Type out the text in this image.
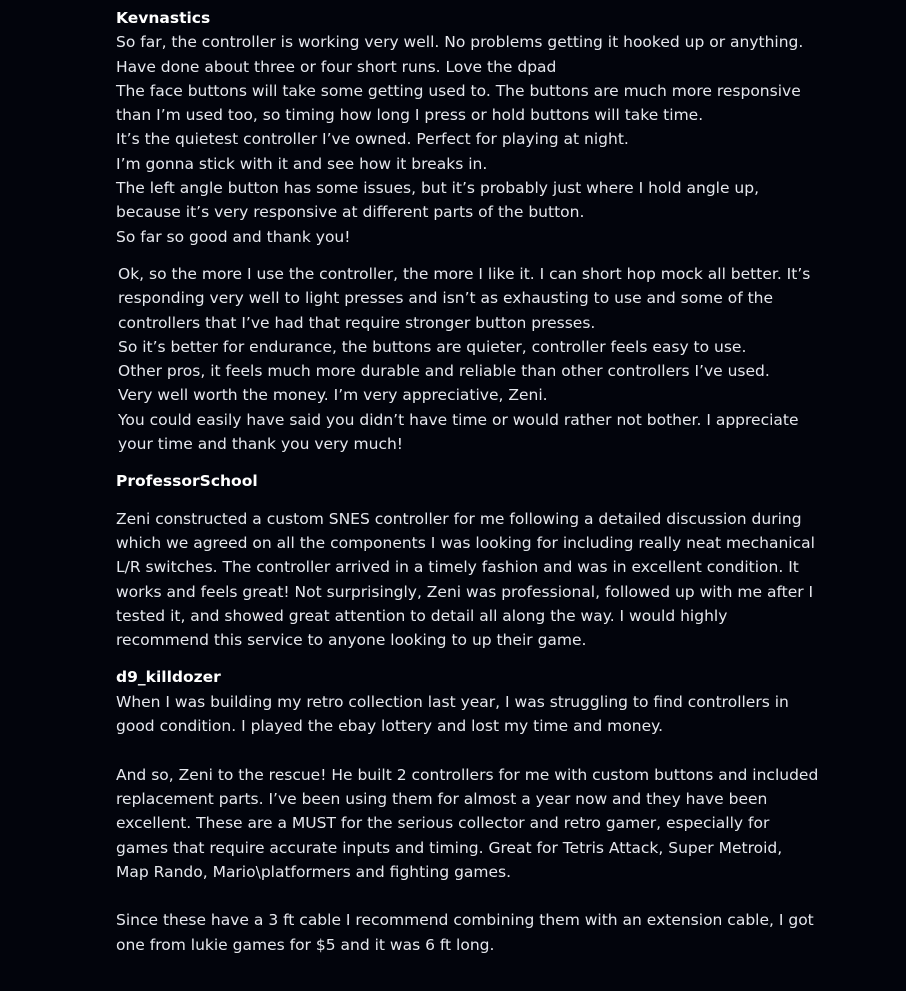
Kevnastics
So far, the controller is working very well. No problems getting it hooked up or anything.
Have done about three or four short runs. Love the dpad
The face buttons will take some getting used to. The buttons are much more responsive
than I’m used too, so timing how long I press or hold buttons will take time.
It’s the quietest controller I’ve owned. Perfect for playing at night.
I’m gonna stick with it and see how it breaks in.
The left angle button has some issues, but it’s probably just where I hold angle up,
because it’s very responsive at different parts of the button.
So far so good and thank you!
Ok, so the more I use the controller, the more I like it. I can short hop mock all better. It’s
responding very well to light presses and isn’t as exhausting to use and some of the
controllers that I’ve had that require stronger button presses.
So it’s better for endurance, the buttons are quieter, controller feels easy to use.
Other pros, it feels much more durable and reliable than other controllers I’ve used.
Very well worth the money. I’m very appreciative, Zeni.
You could easily have said you didn’t have time or would rather not bother. I appreciate
your time and thank you very much!
ProfessorSchool
Zeni constructed a custom SNES controller for me following a detailed discussion during
which we agreed on all the components I was looking for including really neat mechanical
L/R switches. The controller arrived in a timely fashion and was in excellent condition. It
works and feels great! Not surprisingly, Zeni was professional, followed up with me after I
tested it, and showed great attention to detail all along the way. I would highly
recommend this service to anyone looking to up their game.
d9_killdozer
When I was building my retro collection last year, I was struggling to find controllers in
good condition. I played the ebay lottery and lost my time and money.
And so, Zeni to the rescue! He built 2 controllers for me with custom buttons and included
replacement parts. I’ve been using them for almost a year now and they have been
excellent. These are a MUST for the serious collector and retro gamer, especially for
games that require accurate inputs and timing. Great for Tetris Attack, Super Metroid,
Map Rando, Mario\platformers and fighting games.
Since these have a 3 ft cable I recommend combining them with an extension cable, I got
one from lukie games for $5 and it was 6 ft long.
